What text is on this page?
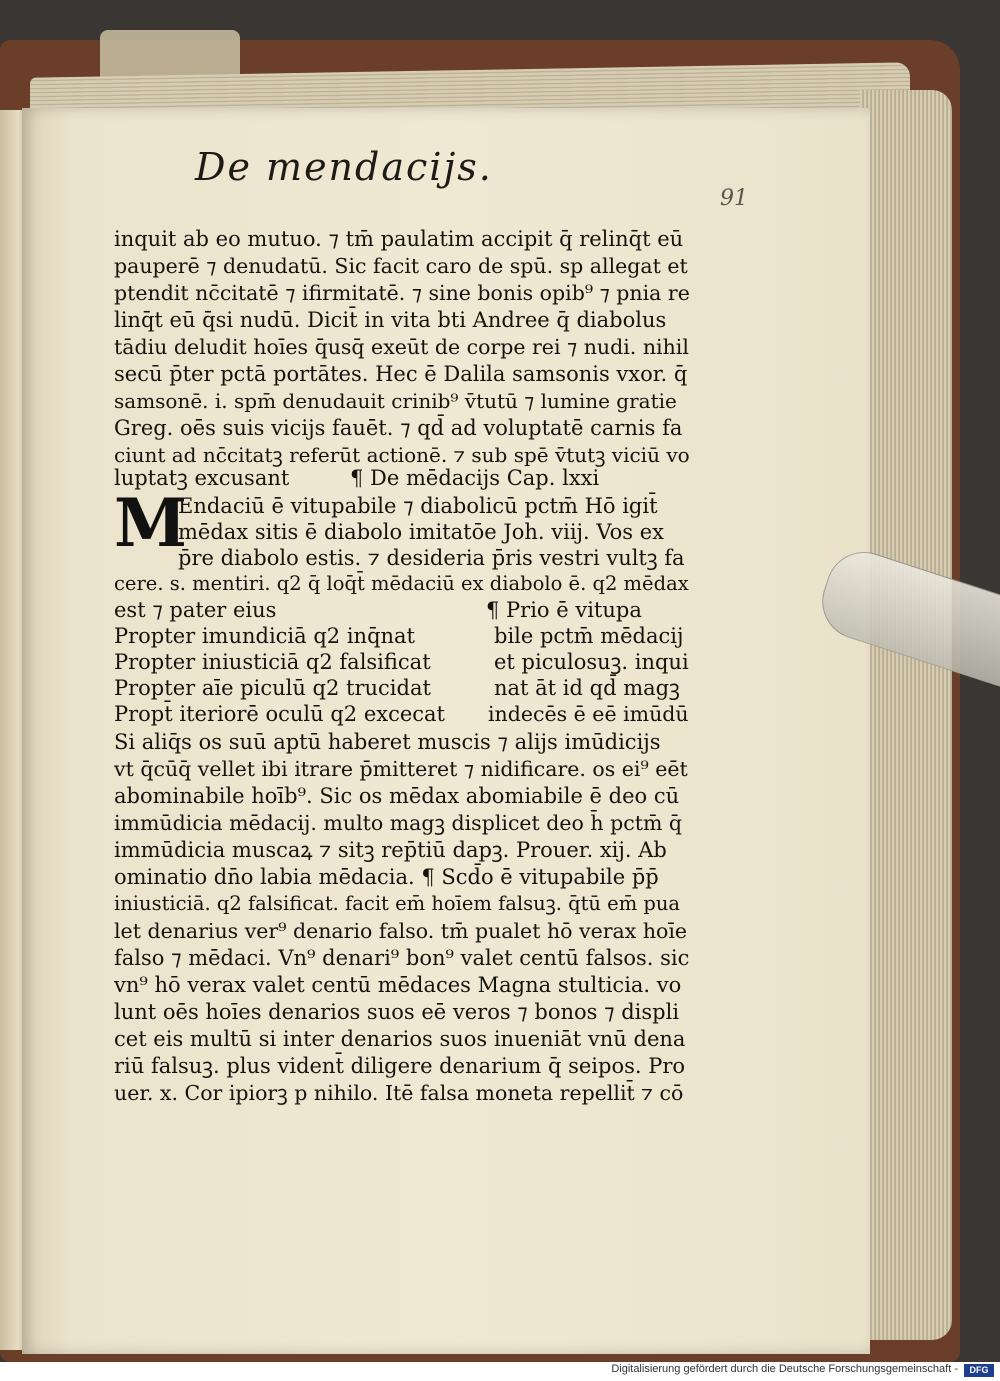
De mendacijs.
91
M
inquit ab eo mutuo. ⁊ tm̄ paulatim accipit q̄ relinq̄t eū
pauperē ⁊ denudatū. Sic facit caro de spū. sp allegat et
ptendit nc̄citatē ⁊ ifirmitatē. ⁊ sine bonis opib⁹ ⁊ pnia re
linq̄t eū q̄si nudū. Dicit̄ in vita bti Andree q̄ diabolus
tādiu deludit hoīes q̄usq̄ exeūt de corpe rei ⁊ nudi. nihil
secū p̄ter pctā portātes. Hec ē Dalila samsonis vxor. q̄
samsonē. i. spm̄ denudauit crinib⁹ v̄tutū ⁊ lumine gratie
Greg. oēs suis vicijs fauēt. ⁊ qd̄ ad voluptatē carnis fa
ciunt ad nc̄citatꝫ referūt actionē. ⁊ sub spē v̄tutꝫ viciū vo
luptatꝫ excusant	¶ De mēdacijs Cap. lxxi
Endaciū ē vitupabile ⁊ diabolicū pctm̄ Hō igit̄
mēdax sitis ē diabolo imitatōe Joh. viij. Vos ex
p̄re diabolo estis. ⁊ desideria p̄ris vestri vultꝫ fa
cere. s. mentiri. q2 q̄ loq̄t̄ mēdaciū ex diabolo ē. q2 mēdax
est ⁊ pater eius	¶ Prio ē vitupa
Propter imundiciā q2 inq̄nat	bile pctm̄ mēdacij
Propter iniusticiā q2 falsificat	et piculosuꝫ. inqui
Propter aīe piculū q2 trucidat	nat āt id qd̄ magꝫ
Propt̄ iteriorē oculū q2 excecat indecēs ē eē imūdū
Si aliq̄s os suū aptū haberet muscis ⁊ alijs imūdicijs
vt q̄cūq̄ vellet ibi itrare p̄mitteret ⁊ nidificare. os ei⁹ eēt
abominabile hoīb⁹. Sic os mēdax abomiabile ē deo cū
immūdicia mēdacij. multo magꝫ displicet deo h̄ pctm̄ q̄
immūdicia muscaꝝ ⁊ sitꝫ rep̄tiū dapꝫ. Prouer. xij. Ab
ominatio dn̄o labia mēdacia. ¶ Scd̄o ē vitupabile p̄p̄
iniusticiā. q2 falsificat. facit em̄ hoīem falsuꝫ. q̄tū em̄ pua
let denarius ver⁹ denario falso. tm̄ pualet hō verax hoīe
falso ⁊ mēdaci. Vn⁹ denari⁹ bon⁹ valet centū falsos. sic
vn⁹ hō verax valet centū mēdaces Magna stulticia. vo
lunt oēs hoīes denarios suos eē veros ⁊ bonos ⁊ displi
cet eis multū si inter denarios suos inueniāt vnū dena
riū falsuꝫ. plus vident̄ diligere denarium q̄ seipos. Pro
uer. x. Cor ipiorꝫ p nihilo. Itē falsa moneta repellit̄ ⁊ cō
Digitalisierung gefördert durch die Deutsche Forschungsgemeinschaft -	DFG
